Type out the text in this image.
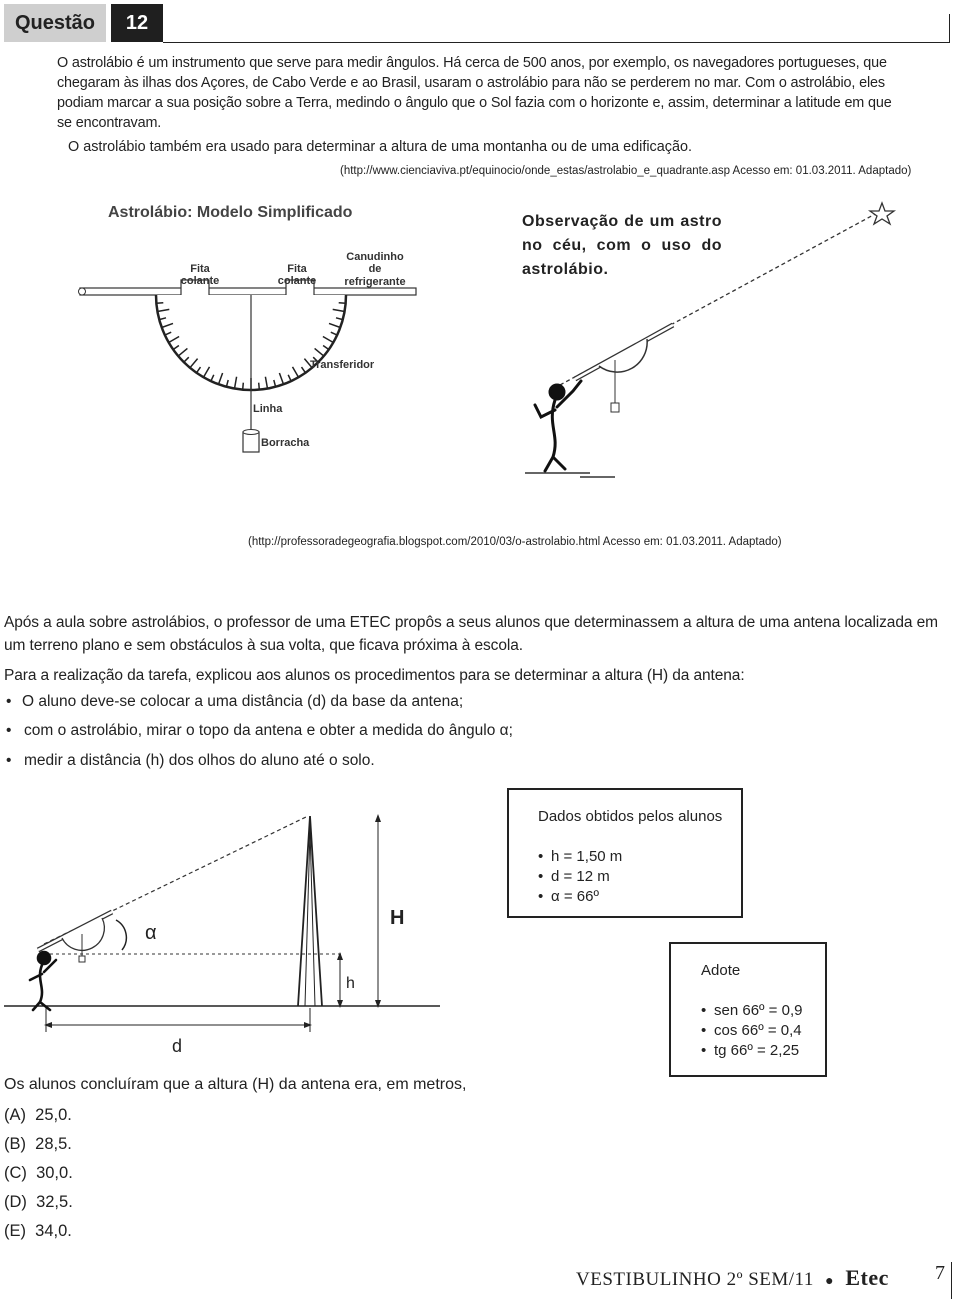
Questão	12
O astrolábio é um instrumento que serve para medir ângulos. Há cerca de 500 anos, por exemplo, os navegadores portugueses, que chegaram às ilhas dos Açores, de Cabo Verde e ao Brasil, usaram o astrolábio para não se perderem no mar. Com o astrolábio, eles podiam marcar a sua posição sobre a Terra, medindo o ângulo que o Sol fazia com o horizonte e, assim, determinar a latitude em que se encontravam.
O astrolábio também era usado para determinar a altura de uma montanha ou de uma edificação.
(http://www.cienciaviva.pt/equinocio/onde_estas/astrolabio_e_quadrante.asp Acesso em: 01.03.2011. Adaptado)
Astrolábio: Modelo Simplificado
Fita
colante
Fita
colante
Canudinho
de
refrigerante
Transferidor
Linha
Borracha
Observação de um astro no céu, com o uso do astrolábio.
(http://professoradegeografia.blogspot.com/2010/03/o-astrolabio.html Acesso em: 01.03.2011. Adaptado)
Após a aula sobre astrolábios, o professor de uma ETEC propôs a seus alunos que determinassem a altura de uma antena localizada em um terreno plano e sem obstáculos à sua volta, que ficava próxima à escola.
Para a realização da tarefa, explicou aos alunos os procedimentos para se determinar a altura (H) da antena:
• O aluno deve-se colocar a uma distância (d) da base da antena;
• com o astrolábio, mirar o topo da antena e obter a medida do ângulo α;
• medir a distância (h) dos olhos do aluno até o solo.
α
H
h
d
Dados obtidos pelos alunos
• h = 1,50 m
• d = 12 m
• α = 66º
Adote
• sen 66º = 0,9
• cos 66º = 0,4
• tg 66º = 2,25
Os alunos concluíram que a altura (H) da antena era, em metros,
(A) 25,0.
(B) 28,5.
(C) 30,0.
(D) 32,5.
(E) 34,0.
VESTIBULINHO 2º SEM/11 ● Etec 7
